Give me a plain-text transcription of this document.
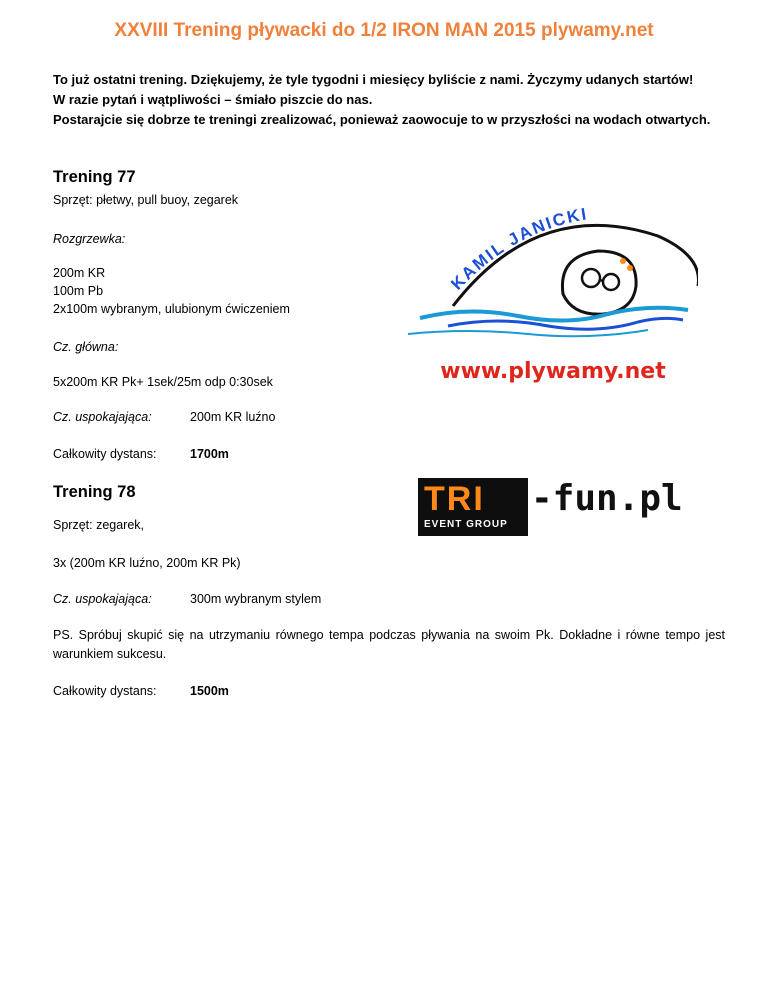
XXVIII Trening pływacki do 1/2 IRON MAN 2015 plywamy.net

To już ostatni trening. Dziękujemy, że tyle tygodni i miesięcy byliście z nami. Życzymy udanych startów!

W razie pytań i wątpliwości – śmiało piszcie do nas.

Postarajcie się dobrze te treningi zrealizować, ponieważ zaowocuje to w przyszłości na wodach otwartych.

Trening 77
Sprzęt: płetwy, pull buoy, zegarek
Rozgrzewka:
200m KR
100m Pb
2x100m wybranym, ulubionym ćwiczeniem
Cz. główna:
5x200m KR Pk+ 1sek/25m odp 0:30sek
Cz. uspokajająca:	200m KR luźno
Całkowity dystans:	1700m
Trening 78
Sprzęt: zegarek,
3x (200m KR luźno, 200m KR Pk)
Cz. uspokajająca:	300m wybranym stylem
PS. Spróbuj skupić się na utrzymaniu równego tempa podczas pływania na swoim Pk. Dokładne i równe tempo jest warunkiem sukcesu.
Całkowity dystans:	1500m
KAMIL JANICKI
www.plywamy.net
TRI
EVENT GROUP
-fun.pl
